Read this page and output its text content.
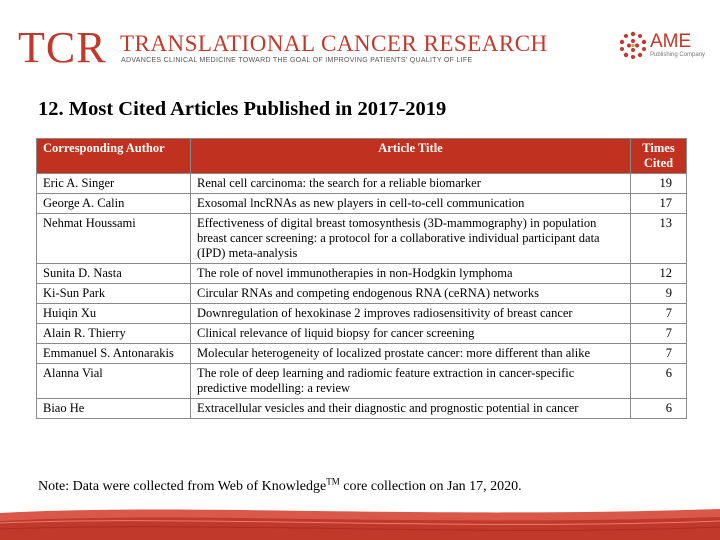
TCR TRANSLATIONAL CANCER RESEARCH
ADVANCES CLINICAL MEDICINE TOWARD THE GOAL OF IMPROVING PATIENTS' QUALITY OF LIFE
AME
Publishing Company
12. Most Cited Articles Published in 2017-2019
Corresponding Author	Article Title	Times Cited
Eric A. Singer	Renal cell carcinoma: the search for a reliable biomarker	19
George A. Calin	Exosomal lncRNAs as new players in cell-to-cell communication	17
Nehmat Houssami	Effectiveness of digital breast tomosynthesis (3D-mammography) in population breast cancer screening: a protocol for a collaborative individual participant data (IPD) meta-analysis	13
Sunita D. Nasta	The role of novel immunotherapies in non-Hodgkin lymphoma	12
Ki-Sun Park	Circular RNAs and competing endogenous RNA (ceRNA) networks	9
Huiqin Xu	Downregulation of hexokinase 2 improves radiosensitivity of breast cancer	7
Alain R. Thierry	Clinical relevance of liquid biopsy for cancer screening	7
Emmanuel S. Antonarakis	Molecular heterogeneity of localized prostate cancer: more different than alike	7
Alanna Vial	The role of deep learning and radiomic feature extraction in cancer-specific predictive modelling: a review	6
Biao He	Extracellular vesicles and their diagnostic and prognostic potential in cancer	6
Note: Data were collected from Web of Knowledge™ core collection on Jan 17, 2020.
